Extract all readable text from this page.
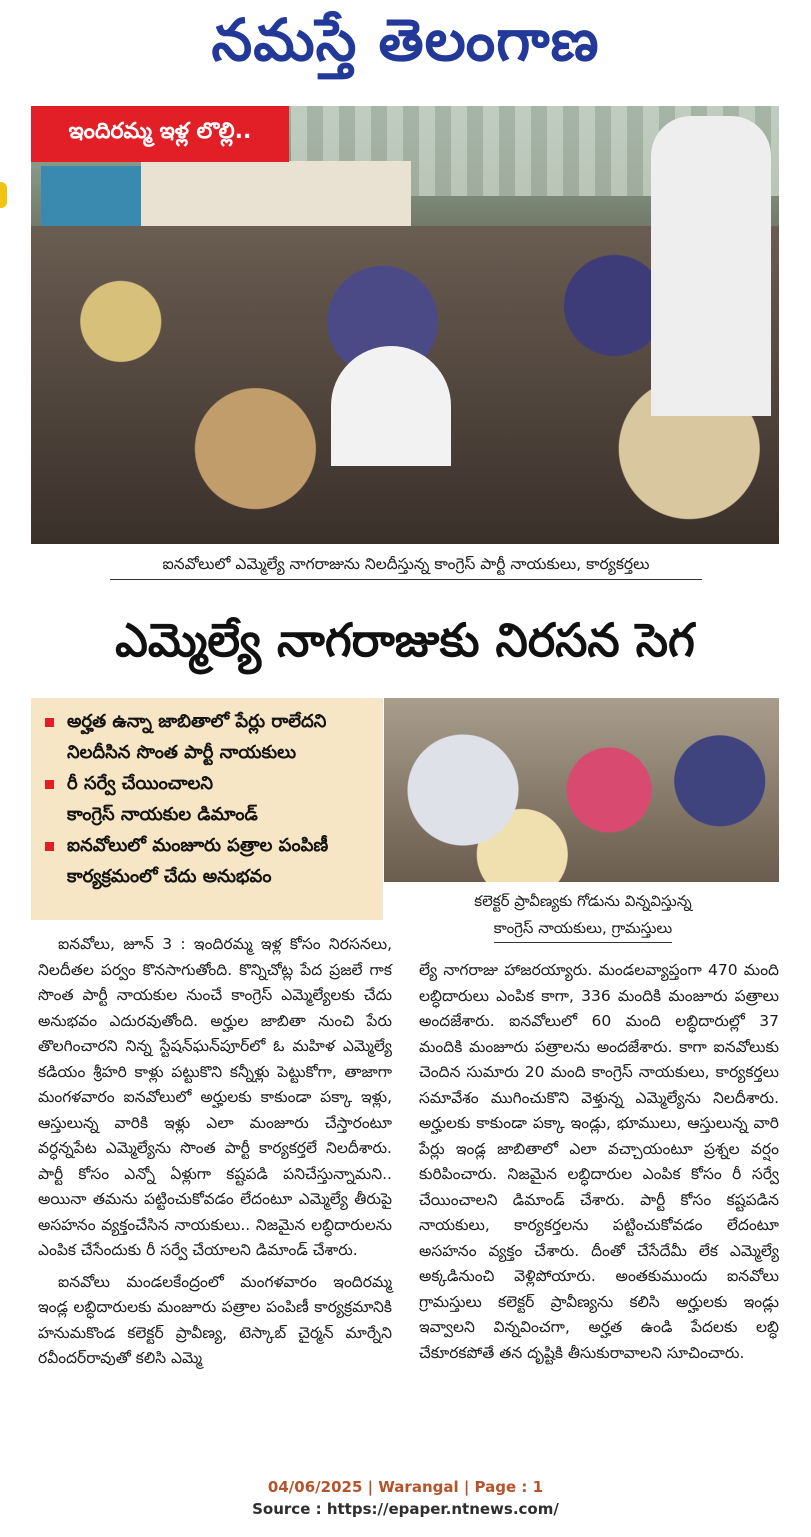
నమస్తే తెలంగాణ
ఇందిరమ్మ ఇళ్ల లొల్లి..
ఐనవోలులో ఎమ్మెల్యే నాగరాజును నిలదీస్తున్న కాంగ్రెస్ పార్టీ నాయకులు, కార్యకర్తలు
ఎమ్మెల్యే నాగరాజుకు నిరసన సెగ
అర్హత ఉన్నా జాబితాలో పేర్లు రాలేదని
నిలదీసిన సొంత పార్టీ నాయకులు
రీ సర్వే చేయించాలని
కాంగ్రెస్ నాయకుల డిమాండ్
ఐనవోలులో మంజూరు పత్రాల పంపిణీ
కార్యక్రమంలో చేదు అనుభవం
కలెక్టర్ ప్రావీణ్యకు గోడును విన్నవిస్తున్న
కాంగ్రెస్ నాయకులు, గ్రామస్తులు

ఐనవోలు, జూన్ 3 : ఇందిరమ్మ ఇళ్ల కోసం నిరసనలు, నిలదీతల పర్వం కొనసాగుతోంది. కొన్నిచోట్ల పేద ప్రజలే గాక సొంత పార్టీ నాయకుల నుంచే కాంగ్రెస్ ఎమ్మెల్యేలకు చేదు అనుభవం ఎదురవుతోంది. అర్హుల జాబితా నుంచి పేరు తొలగించారని నిన్న స్టేషన్‌ఘన్‌పూర్‌లో ఓ మహిళ ఎమ్మెల్యే కడియం శ్రీహరి కాళ్లు పట్టుకొని కన్నీళ్లు పెట్టుకోగా, తాజాగా మంగళవారం ఐనవోలులో అర్హులకు కాకుండా పక్కా ఇళ్లు, ఆస్తులున్న వారికి ఇళ్లు ఎలా మంజూరు చేస్తారంటూ వర్ధన్నపేట ఎమ్మెల్యేను సొంత పార్టీ కార్యకర్తలే నిలదీశారు. పార్టీ కోసం ఎన్నో ఏళ్లుగా కష్టపడి పనిచేస్తున్నామని.. అయినా తమను పట్టించుకోవడం లేదంటూ ఎమ్మెల్యే తీరుపై అసహనం వ్యక్తంచేసిన నాయకులు.. నిజమైన లబ్ధిదారులను ఎంపిక చేసేందుకు రీ సర్వే చేయాలని డిమాండ్ చేశారు.

ఐనవోలు మండలకేంద్రంలో మంగళవారం ఇందిరమ్మ ఇండ్ల లబ్ధిదారులకు మంజూరు పత్రాల పంపిణీ కార్యక్రమానికి హనుమకొండ కలెక్టర్ ప్రావీణ్య, టెస్కాబ్ చైర్మన్ మార్నేని రవీందర్‌రావుతో కలిసి ఎమ్మె

ల్యే నాగరాజు హాజరయ్యారు. మండలవ్యాప్తంగా 470 మంది లబ్ధిదారులు ఎంపిక కాగా, 336 మందికి మంజూరు పత్రాలు అందజేశారు. ఐనవోలులో 60 మంది లబ్ధిదారుల్లో 37 మందికి మంజూరు పత్రాలను అందజేశారు. కాగా ఐనవోలుకు చెందిన సుమారు 20 మంది కాంగ్రెస్ నాయకులు, కార్యకర్తలు సమావేశం ముగించుకొని వెళ్తున్న ఎమ్మెల్యేను నిలదీశారు. అర్హులకు కాకుండా పక్కా ఇండ్లు, భూములు, ఆస్తులున్న వారి పేర్లు ఇండ్ల జాబితాలో ఎలా వచ్చాయంటూ ప్రశ్నల వర్షం కురిపించారు. నిజమైన లబ్ధిదారుల ఎంపిక కోసం రీ సర్వే చేయించాలని డిమాండ్ చేశారు. పార్టీ కోసం కష్టపడిన నాయకులు, కార్యకర్తలను పట్టించుకోవడం లేదంటూ అసహనం వ్యక్తం చేశారు. దీంతో చేసేదేమీ లేక ఎమ్మెల్యే అక్కడినుంచి వెళ్లిపోయారు. అంతకుముందు ఐనవోలు గ్రామస్తులు కలెక్టర్ ప్రావీణ్యను కలిసి అర్హులకు ఇండ్లు ఇవ్వాలని విన్నవించగా, అర్హత ఉండి పేదలకు లబ్ధి చేకూరకపోతే తన దృష్టికి తీసుకురావాలని సూచించారు.

04/06/2025 | Warangal | Page : 1
Source : https://epaper.ntnews.com/
